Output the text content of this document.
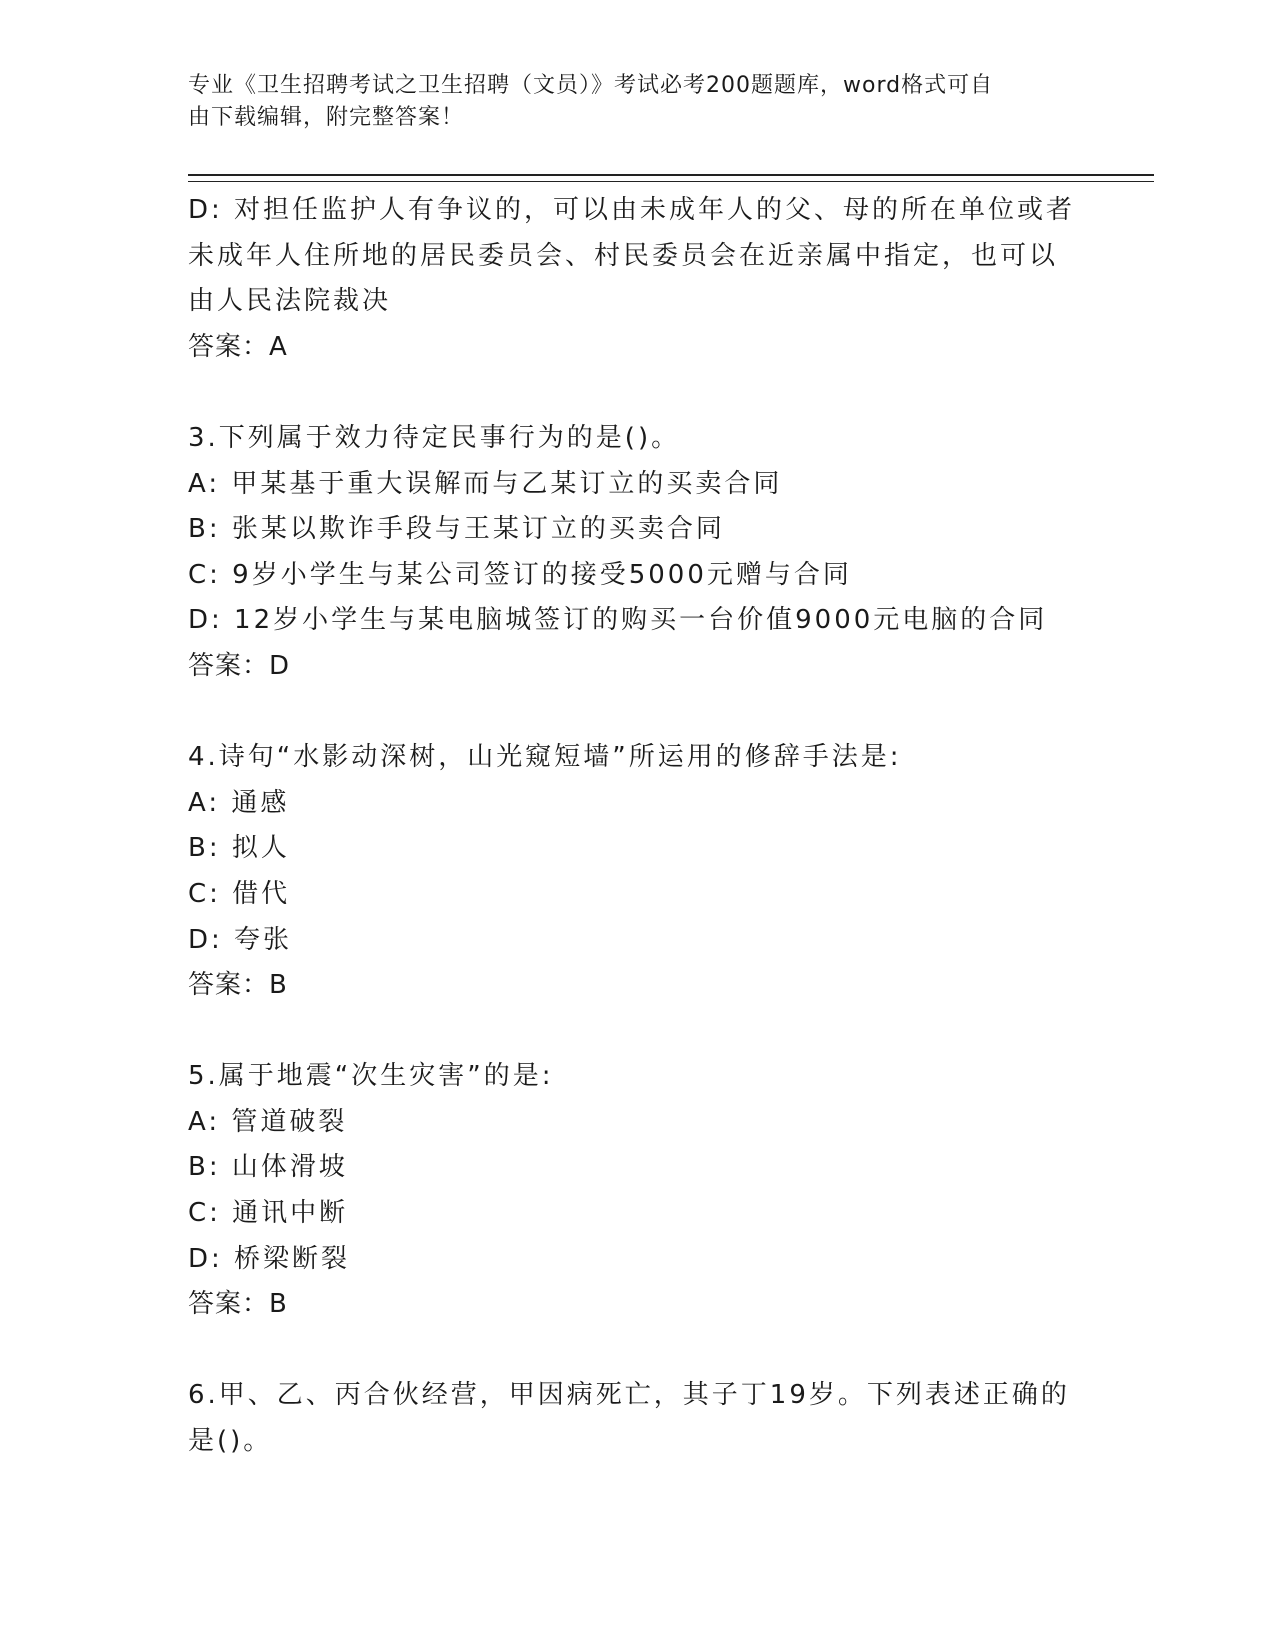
专业《卫生招聘考试之卫生招聘（文员）》考试必考200题题库，word格式可自
由下载编辑，附完整答案！
D: 对担任监护人有争议的，可以由未成年人的父、母的所在单位或者
未成年人住所地的居民委员会、村民委员会在近亲属中指定，也可以
由人民法院裁决
答案：A
3.下列属于效力待定民事行为的是()。
A: 甲某基于重大误解而与乙某订立的买卖合同
B: 张某以欺诈手段与王某订立的买卖合同
C: 9岁小学生与某公司签订的接受5000元赠与合同
D: 12岁小学生与某电脑城签订的购买一台价值9000元电脑的合同
答案：D
4.诗句“水影动深树，山光窥短墙”所运用的修辞手法是:
A: 通感
B: 拟人
C: 借代
D: 夸张
答案：B
5.属于地震“次生灾害”的是:
A: 管道破裂
B: 山体滑坡
C: 通讯中断
D: 桥梁断裂
答案：B
6.甲、乙、丙合伙经营，甲因病死亡，其子丁19岁。下列表述正确的
是()。
